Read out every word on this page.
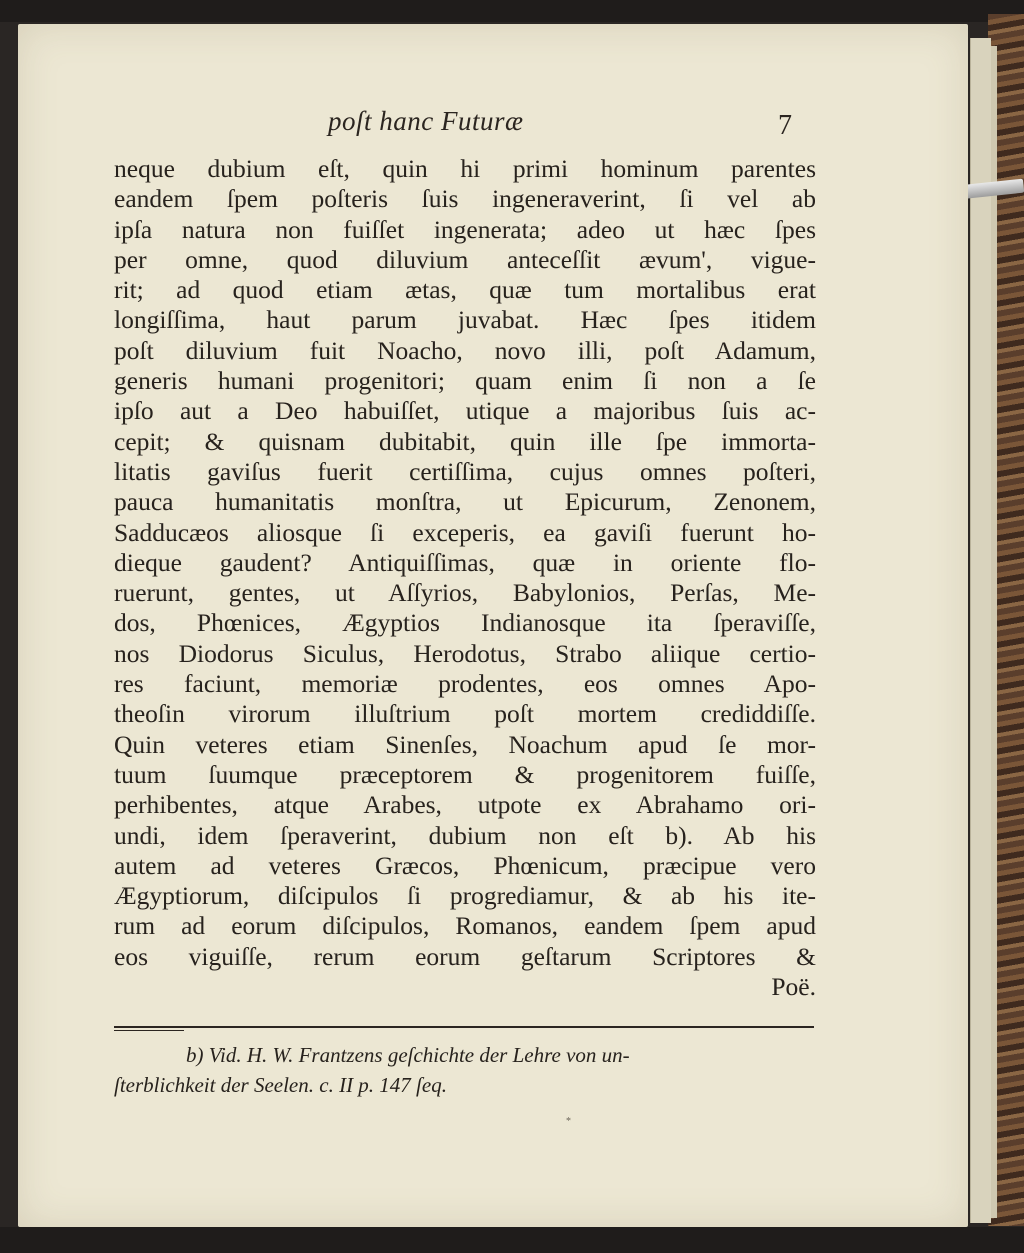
poſt hanc Futuræ	7
neque dubium eſt, quin hi primi hominum parentes
eandem ſpem poſteris ſuis ingeneraverint, ſi vel ab
ipſa natura non fuiſſet ingenerata; adeo ut hæc ſpes
per omne, quod diluvium anteceſſit ævum', vigue-
rit; ad quod etiam ætas, quæ tum mortalibus erat
longiſſima, haut parum juvabat. Hæc ſpes itidem
poſt diluvium fuit Noacho, novo illi, poſt Adamum,
generis humani progenitori; quam enim ſi non a ſe
ipſo aut a Deo habuiſſet, utique a majoribus ſuis ac-
cepit; & quisnam dubitabit, quin ille ſpe immorta-
litatis gaviſus fuerit certiſſima, cujus omnes poſteri,
pauca humanitatis monſtra, ut Epicurum, Zenonem,
Sadducæos aliosque ſi exceperis, ea gaviſi fuerunt ho-
dieque gaudent? Antiquiſſimas, quæ in oriente flo-
ruerunt, gentes, ut Aſſyrios, Babylonios, Perſas, Me-
dos, Phœnices, Ægyptios Indianosque ita ſperaviſſe,
nos Diodorus Siculus, Herodotus, Strabo aliique certio-
res faciunt, memoriæ prodentes, eos omnes Apo-
theoſin virorum illuſtrium poſt mortem crediddiſſe.
Quin veteres etiam Sinenſes, Noachum apud ſe mor-
tuum ſuumque præceptorem & progenitorem fuiſſe,
perhibentes, atque Arabes, utpote ex Abrahamo ori-
undi, idem ſperaverint, dubium non eſt b). Ab his
autem ad veteres Græcos, Phœnicum, præcipue vero
Ægyptiorum, diſcipulos ſi progrediamur, & ab his ite-
rum ad eorum diſcipulos, Romanos, eandem ſpem apud
eos viguiſſe, rerum eorum geſtarum Scriptores &
Poë.
b) Vid. H. W. Frantzens geſchichte der Lehre von un-
ſterblichkeit der Seelen. c. II p. 147 ſeq.
*
